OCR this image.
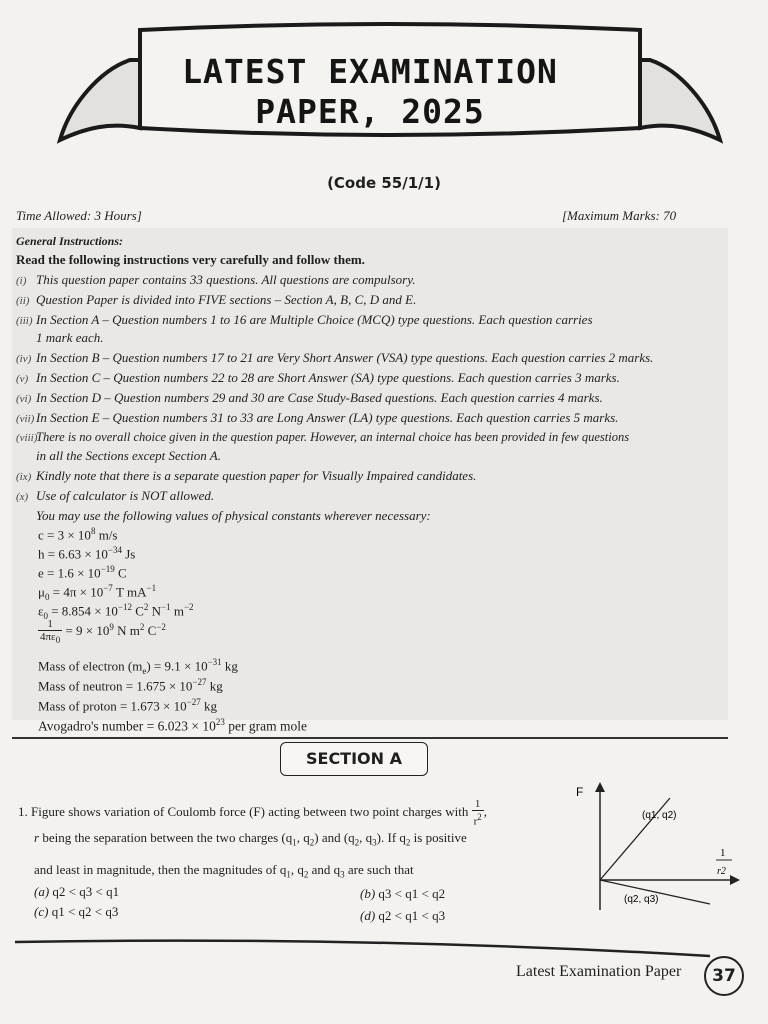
LATEST EXAMINATION
PAPER, 2025
(Code 55/1/1)
Time Allowed: 3 Hours]	[Maximum Marks: 70
General Instructions:
Read the following instructions very carefully and follow them.
(i) This question paper contains 33 questions. All questions are compulsory.
(ii) Question Paper is divided into FIVE sections – Section A, B, C, D and E.
(iii) In Section A – Question numbers 1 to 16 are Multiple Choice (MCQ) type questions. Each question carries
1 mark each.
(iv) In Section B – Question numbers 17 to 21 are Very Short Answer (VSA) type questions. Each question carries 2 marks.
(v) In Section C – Question numbers 22 to 28 are Short Answer (SA) type questions. Each question carries 3 marks.
(vi) In Section D – Question numbers 29 and 30 are Case Study-Based questions. Each question carries 4 marks.
(vii) In Section E – Question numbers 31 to 33 are Long Answer (LA) type questions. Each question carries 5 marks.
(viii)There is no overall choice given in the question paper. However, an internal choice has been provided in few questions
in all the Sections except Section A.
(ix) Kindly note that there is a separate question paper for Visually Impaired candidates.
(x) Use of calculator is NOT allowed.
You may use the following values of physical constants wherever necessary:
$c = 3 \times 10^8$ m/s
$h = 6.63 \times 10^{-34}$ Js
$e = 1.6 \times 10^{-19}$ C
$\mu_0 = 4\pi \times 10^{-7}$ T $mA^{-1}$
$\varepsilon_0 = 8.854 \times 10^{-12}$ $C^2$ $N^{-1}$ $m^{-2}$
$\frac{1}{4\pi\varepsilon_0} = 9 \times 10^9$ N $m^2$ $C^{-2}$
Mass of electron $(m_e) = 9.1 \times 10^{-31}$ kg
Mass of neutron = $1.675 \times 10^{-27}$ kg
Mass of proton = $1.673 \times 10^{-27}$ kg
Avogadro's number = $6.023 \times 10^{23}$ per gram mole
SECTION A
1. Figure shows variation of Coulomb force (F) acting between two point charges with $\frac{1}{r^2}$ ,
r being the separation between the two charges ($q_1$, $q_2$) and ($q_2$, $q_3$). If $q_2$ is positive
and least in magnitude, then the magnitudes of $q_1$, $q_2$ and $q_3$ are such that
(a) q2 < q3 < q1	(b) q3 < q1 < q2
(c) q1 < q2 < q3	(d) q2 < q1 < q3
F
(q1, q2)
(q2, q3)
1
r2
Latest Examination Paper	37
